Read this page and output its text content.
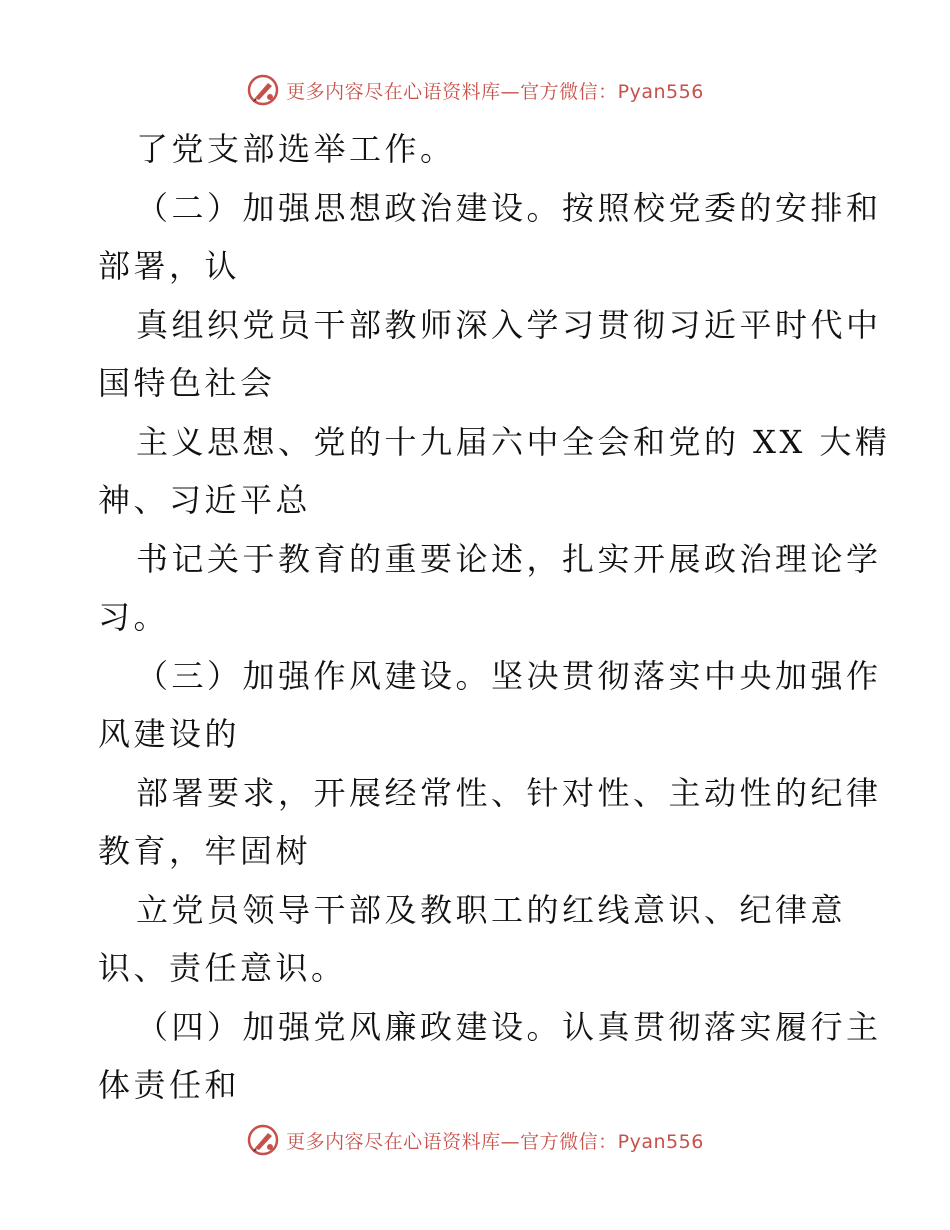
更多内容尽在心语资料库—官方微信：Pyan556
了党支部选举工作。
（二）加强思想政治建设。按照校党委的安排和
部署，认
真组织党员干部教师深入学习贯彻习近平时代中
国特色社会
主义思想、党的十九届六中全会和党的 XX 大精
神、习近平总
书记关于教育的重要论述，扎实开展政治理论学
习。
（三）加强作风建设。坚决贯彻落实中央加强作
风建设的
部署要求，开展经常性、针对性、主动性的纪律
教育，牢固树
立党员领导干部及教职工的红线意识、纪律意
识、责任意识。
（四）加强党风廉政建设。认真贯彻落实履行主
体责任和
更多内容尽在心语资料库—官方微信：Pyan556
